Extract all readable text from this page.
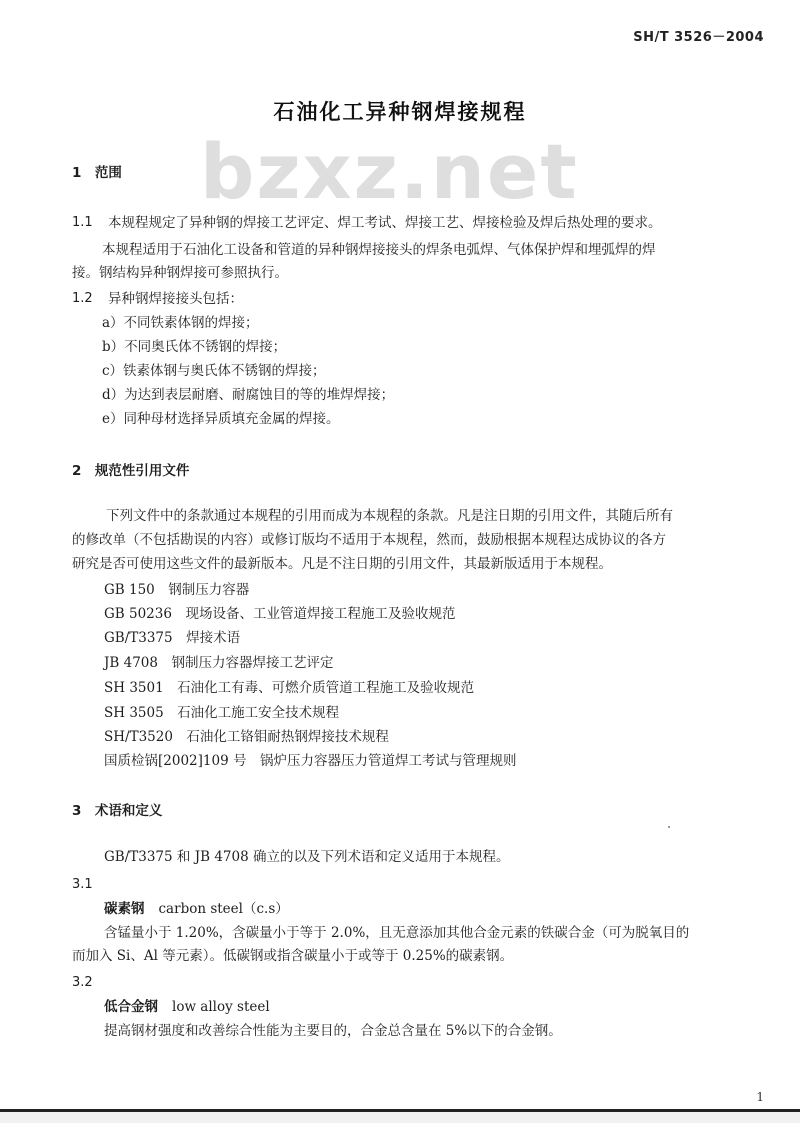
SH/T 3526－2004
石油化工异种钢焊接规程
bzxz.net
1　范围
1.1 本规程规定了异种钢的焊接工艺评定、焊工考试、焊接工艺、焊接检验及焊后热处理的要求。
本规程适用于石油化工设备和管道的异种钢焊接接头的焊条电弧焊、气体保护焊和埋弧焊的焊
接。钢结构异种钢焊接可参照执行。
1.2 异种钢焊接接头包括：
a）不同铁素体钢的焊接；
b）不同奥氏体不锈钢的焊接；
c）铁素体钢与奥氏体不锈钢的焊接；
d）为达到表层耐磨、耐腐蚀目的等的堆焊焊接；
e）同种母材选择异质填充金属的焊接。
2　规范性引用文件
下列文件中的条款通过本规程的引用而成为本规程的条款。凡是注日期的引用文件，其随后所有
的修改单（不包括勘误的内容）或修订版均不适用于本规程，然而，鼓励根据本规程达成协议的各方
研究是否可使用这些文件的最新版本。凡是不注日期的引用文件，其最新版适用于本规程。
GB 150　钢制压力容器
GB 50236　现场设备、工业管道焊接工程施工及验收规范
GB/T3375　焊接术语
JB 4708　钢制压力容器焊接工艺评定
SH 3501　石油化工有毒、可燃介质管道工程施工及验收规范
SH 3505　石油化工施工安全技术规程
SH/T3520　石油化工铬钼耐热钢焊接技术规程
国质检锅[2002]109 号　锅炉压力容器压力管道焊工考试与管理规则
3　术语和定义
GB/T3375 和 JB 4708 确立的以及下列术语和定义适用于本规程。
3.1
碳素钢 carbon steel（c.s）
含锰量小于 1.20%，含碳量小于等于 2.0%，且无意添加其他合金元素的铁碳合金（可为脱氧目的
而加入 Si、Al 等元素）。低碳钢或指含碳量小于或等于 0.25%的碳素钢。
3.2
低合金钢 low alloy steel
提高钢材强度和改善综合性能为主要目的，合金总含量在 5%以下的合金钢。
1
